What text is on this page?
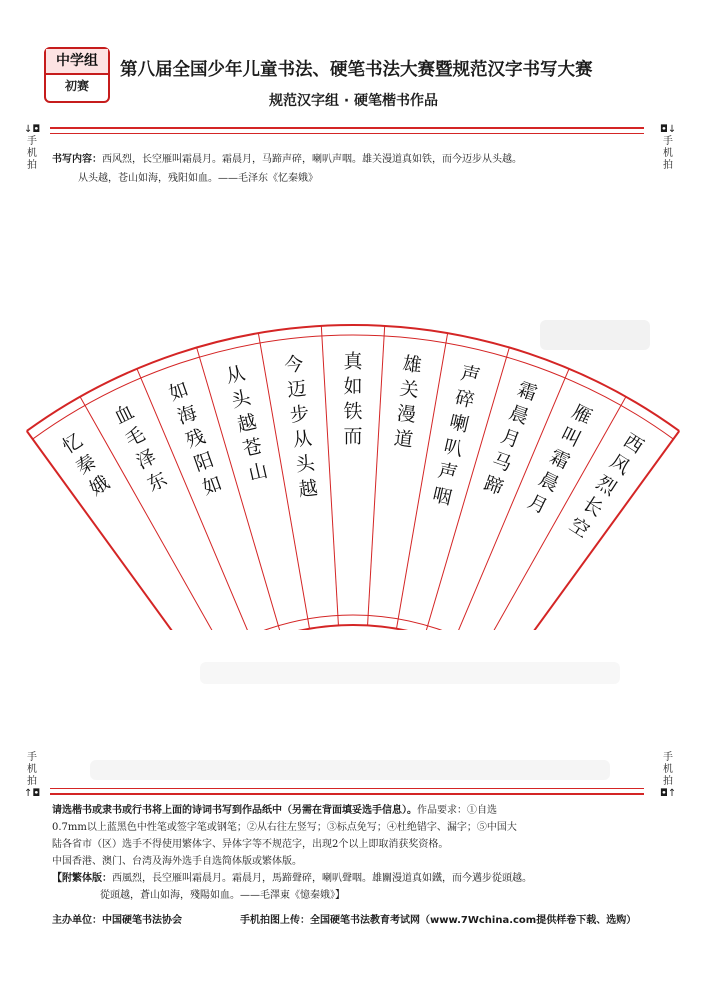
中学组
初赛
第八届全国少年儿童书法、硬笔书法大赛暨规范汉字书写大赛
规范汉字组 · 硬笔楷书作品
↓◘
手
机
拍
◘↓
手
机
拍
书写内容：西风烈，长空雁叫霜晨月。霜晨月，马蹄声碎，喇叭声咽。雄关漫道真如铁，而今迈步从头越。
从头越，苍山如海，残阳如血。——毛泽东《忆秦娥》
西
风
烈
长
空
雁
叫
霜
晨
月
霜
晨
月
马
蹄
声
碎
喇
叭
声
咽
雄
关
漫
道
真
如
铁
而
今
迈
步
从
头
越
从
头
越
苍
山
如
海
残
阳
如
血
毛
泽
东
忆
秦
娥
手
机
拍
↑◘
手
机
拍
◘↑
请选楷书或隶书或行书将上面的诗词书写到作品纸中（另需在背面填妥选手信息）。作品要求：①自选
0.7mm以上蓝黑色中性笔或签字笔或钢笔；②从右往左竖写；③标点免写；④杜绝错字、漏字；⑤中国大
陆各省市（区）选手不得使用繁体字、异体字等不规范字，出现2个以上即取消获奖资格。
中国香港、澳门、台湾及海外选手自选简体版或繁体版。
【附繁体版：西風烈，長空雁叫霜晨月。霜晨月，馬蹄聲碎，喇叭聲咽。雄關漫道真如鐵，而今邁步從頭越。
從頭越，蒼山如海，殘陽如血。——毛澤東《憶秦娥》】
主办单位：中国硬笔书法协会	手机拍图上传：全国硬笔书法教育考试网（www.7Wchina.com提供样卷下载、选购）
